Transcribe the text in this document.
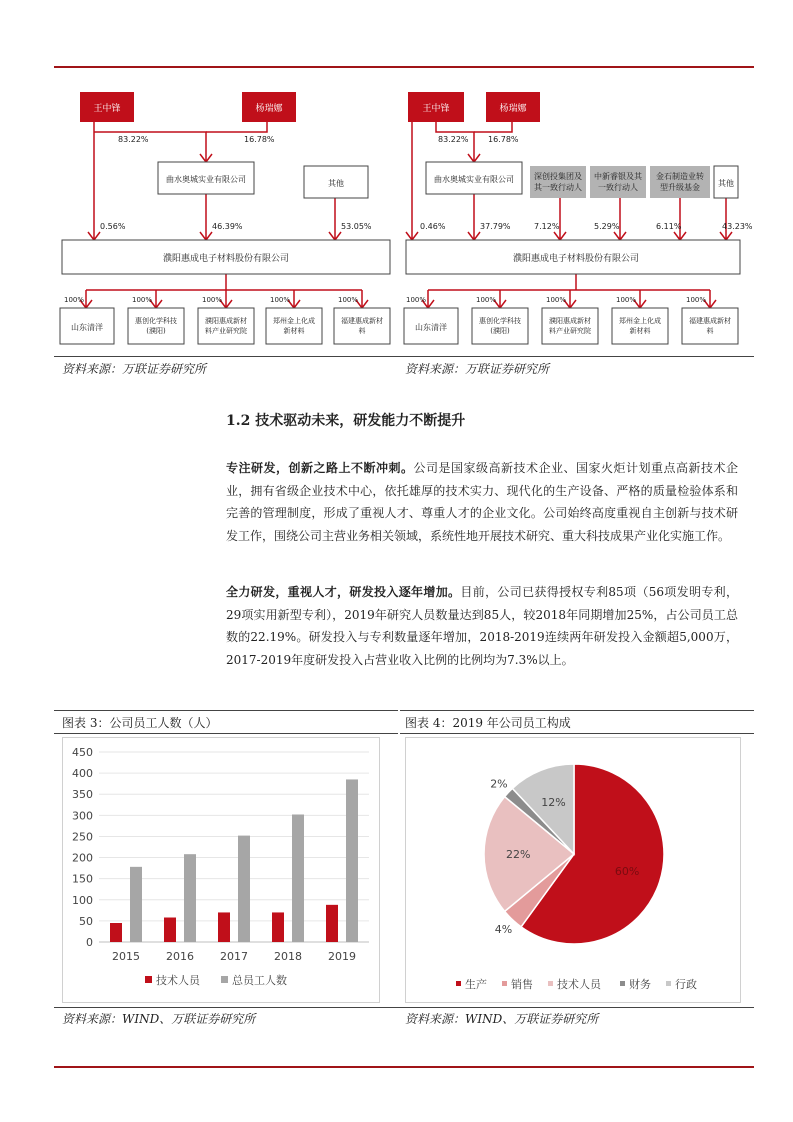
王中锋	杨瑞娜
83.22%	16.78%
曲水奥城实业有限公司	其他
0.56%	46.39%	53.05%
濮阳惠成电子材料股份有限公司
100%	100%	100%	100%	100%
山东清洋
惠创化学科技(濮阳)
濮阳惠成新材料产业研究院
郑州金上化成新材料
福建惠成新材料
王中锋	杨瑞娜
83.22% 16.78%
曲水奥城实业有限公司	深创投集团及其一致行动人
中新睿银及其一致行动人
金石制造业转型升级基金	其他
0.46%	37.79%	7.12%	5.29%	6.11%	43.23%
濮阳惠成电子材料股份有限公司
100%	100%	100%	100%	100%
山东清洋
惠创化学科技(濮阳)
濮阳惠成新材料产业研究院
郑州金上化成新材料
福建惠成新材料
资料来源：万联证券研究所	资料来源：万联证券研究所
1.2 技术驱动未来，研发能力不断提升
专注研发，创新之路上不断冲刺。公司是国家级高新技术企业、国家火炬计划重点高新技术企业，拥有省级企业技术中心，依托雄厚的技术实力、现代化的生产设备、严格的质量检验体系和完善的管理制度，形成了重视人才、尊重人才的企业文化。公司始终高度重视自主创新与技术研发工作，围绕公司主营业务相关领域，系统性地开展技术研究、重大科技成果产业化实施工作。
全力研发，重视人才，研发投入逐年增加。目前，公司已获得授权专利85项（56项发明专利，29项实用新型专利），2019年研究人员数量达到85人，较2018年同期增加25%，占公司员工总数的22.19%。研发投入与专利数量逐年增加，2018-2019连续两年研发投入金额超5,000万，2017-2019年度研发投入占营业收入比例的比例均为7.3%以上。
图表 3：公司员工人数（人）	图表 4：2019 年公司员工构成
0
50
100
150
200
250
300
350
400
450
2015 2016 2017 2018 2019
技术人员	总员工人数
60%
4%
22%
2%
12%
生产 销售 技术人员	财务 行政
资料来源：WIND、万联证券研究所	资料来源：WIND、万联证券研究所
